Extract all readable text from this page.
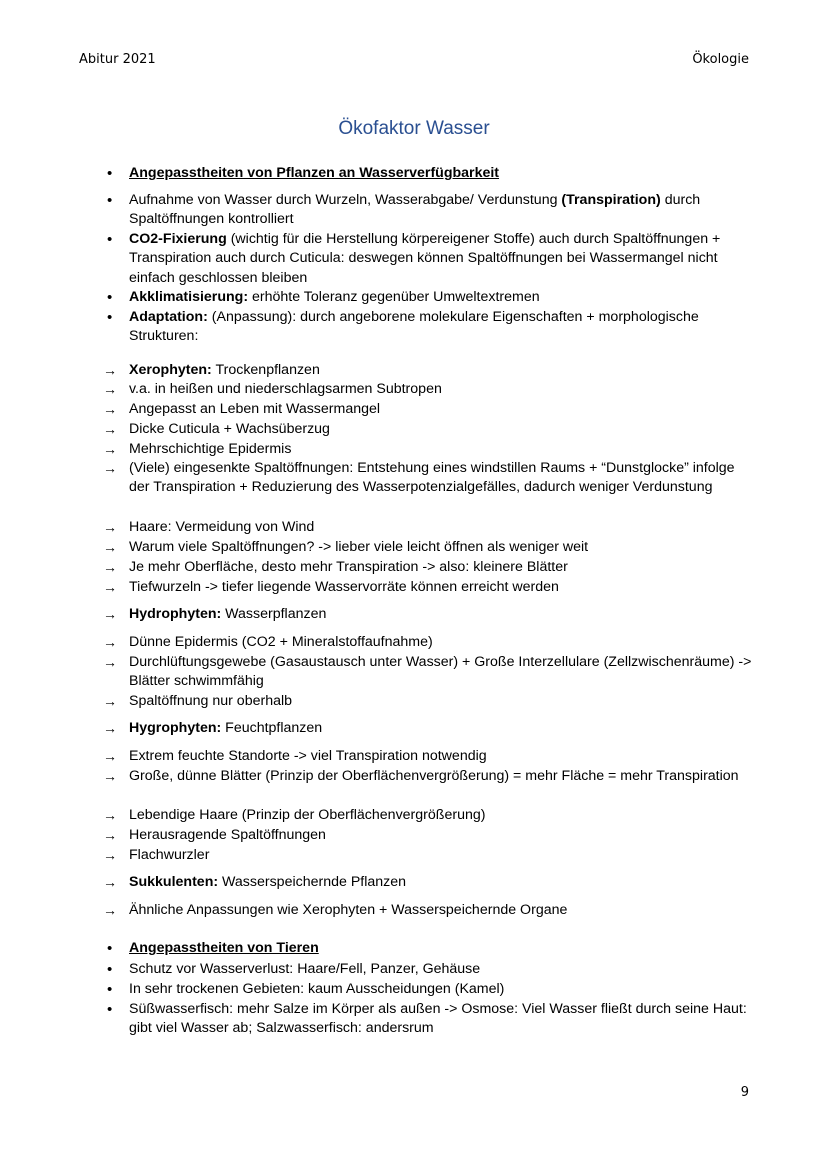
Abitur 2021	Ökologie
Ökofaktor Wasser
•	Angepasstheiten von Pflanzen an Wasserverfügbarkeit
•	Aufnahme von Wasser durch Wurzeln, Wasserabgabe/ Verdunstung (Transpiration) durch Spaltöffnungen kontrolliert
•	CO2-Fixierung (wichtig für die Herstellung körpereigener Stoffe) auch durch Spaltöffnungen + Transpiration auch durch Cuticula: deswegen können Spaltöffnungen bei Wassermangel nicht einfach geschlossen bleiben
•	Akklimatisierung: erhöhte Toleranz gegenüber Umweltextremen
•	Adaptation: (Anpassung): durch angeborene molekulare Eigenschaften + morphologische Strukturen:
→ Xerophyten: Trockenpflanzen
→ v.a. in heißen und niederschlagsarmen Subtropen
→ Angepasst an Leben mit Wassermangel
→ Dicke Cuticula + Wachsüberzug
→ Mehrschichtige Epidermis
→ (Viele) eingesenkte Spaltöffnungen: Entstehung eines windstillen Raums + “Dunstglocke” infolge der Transpiration + Reduzierung des Wasserpotenzialgefälles, dadurch weniger Verdunstung
→ Haare: Vermeidung von Wind
→ Warum viele Spaltöffnungen? -> lieber viele leicht öffnen als weniger weit
→ Je mehr Oberfläche, desto mehr Transpiration -> also: kleinere Blätter
→ Tiefwurzeln -> tiefer liegende Wasservorräte können erreicht werden
→ Hydrophyten: Wasserpflanzen
→ Dünne Epidermis (CO2 + Mineralstoffaufnahme)
→ Durchlüftungsgewebe (Gasaustausch unter Wasser) + Große Interzellulare (Zellzwischenräume) -> Blätter schwimmfähig
→ Spaltöffnung nur oberhalb
→ Hygrophyten: Feuchtpflanzen
→ Extrem feuchte Standorte -> viel Transpiration notwendig
→ Große, dünne Blätter (Prinzip der Oberflächenvergrößerung) = mehr Fläche = mehr Transpiration
→ Lebendige Haare (Prinzip der Oberflächenvergrößerung)
→ Herausragende Spaltöffnungen
→ Flachwurzler
→ Sukkulenten: Wasserspeichernde Pflanzen
→ Ähnliche Anpassungen wie Xerophyten + Wasserspeichernde Organe
•	Angepasstheiten von Tieren
•	Schutz vor Wasserverlust: Haare/Fell, Panzer, Gehäuse
•	In sehr trockenen Gebieten: kaum Ausscheidungen (Kamel)
•	Süßwasserfisch: mehr Salze im Körper als außen -> Osmose: Viel Wasser fließt durch seine Haut: gibt viel Wasser ab; Salzwasserfisch: andersrum
9
